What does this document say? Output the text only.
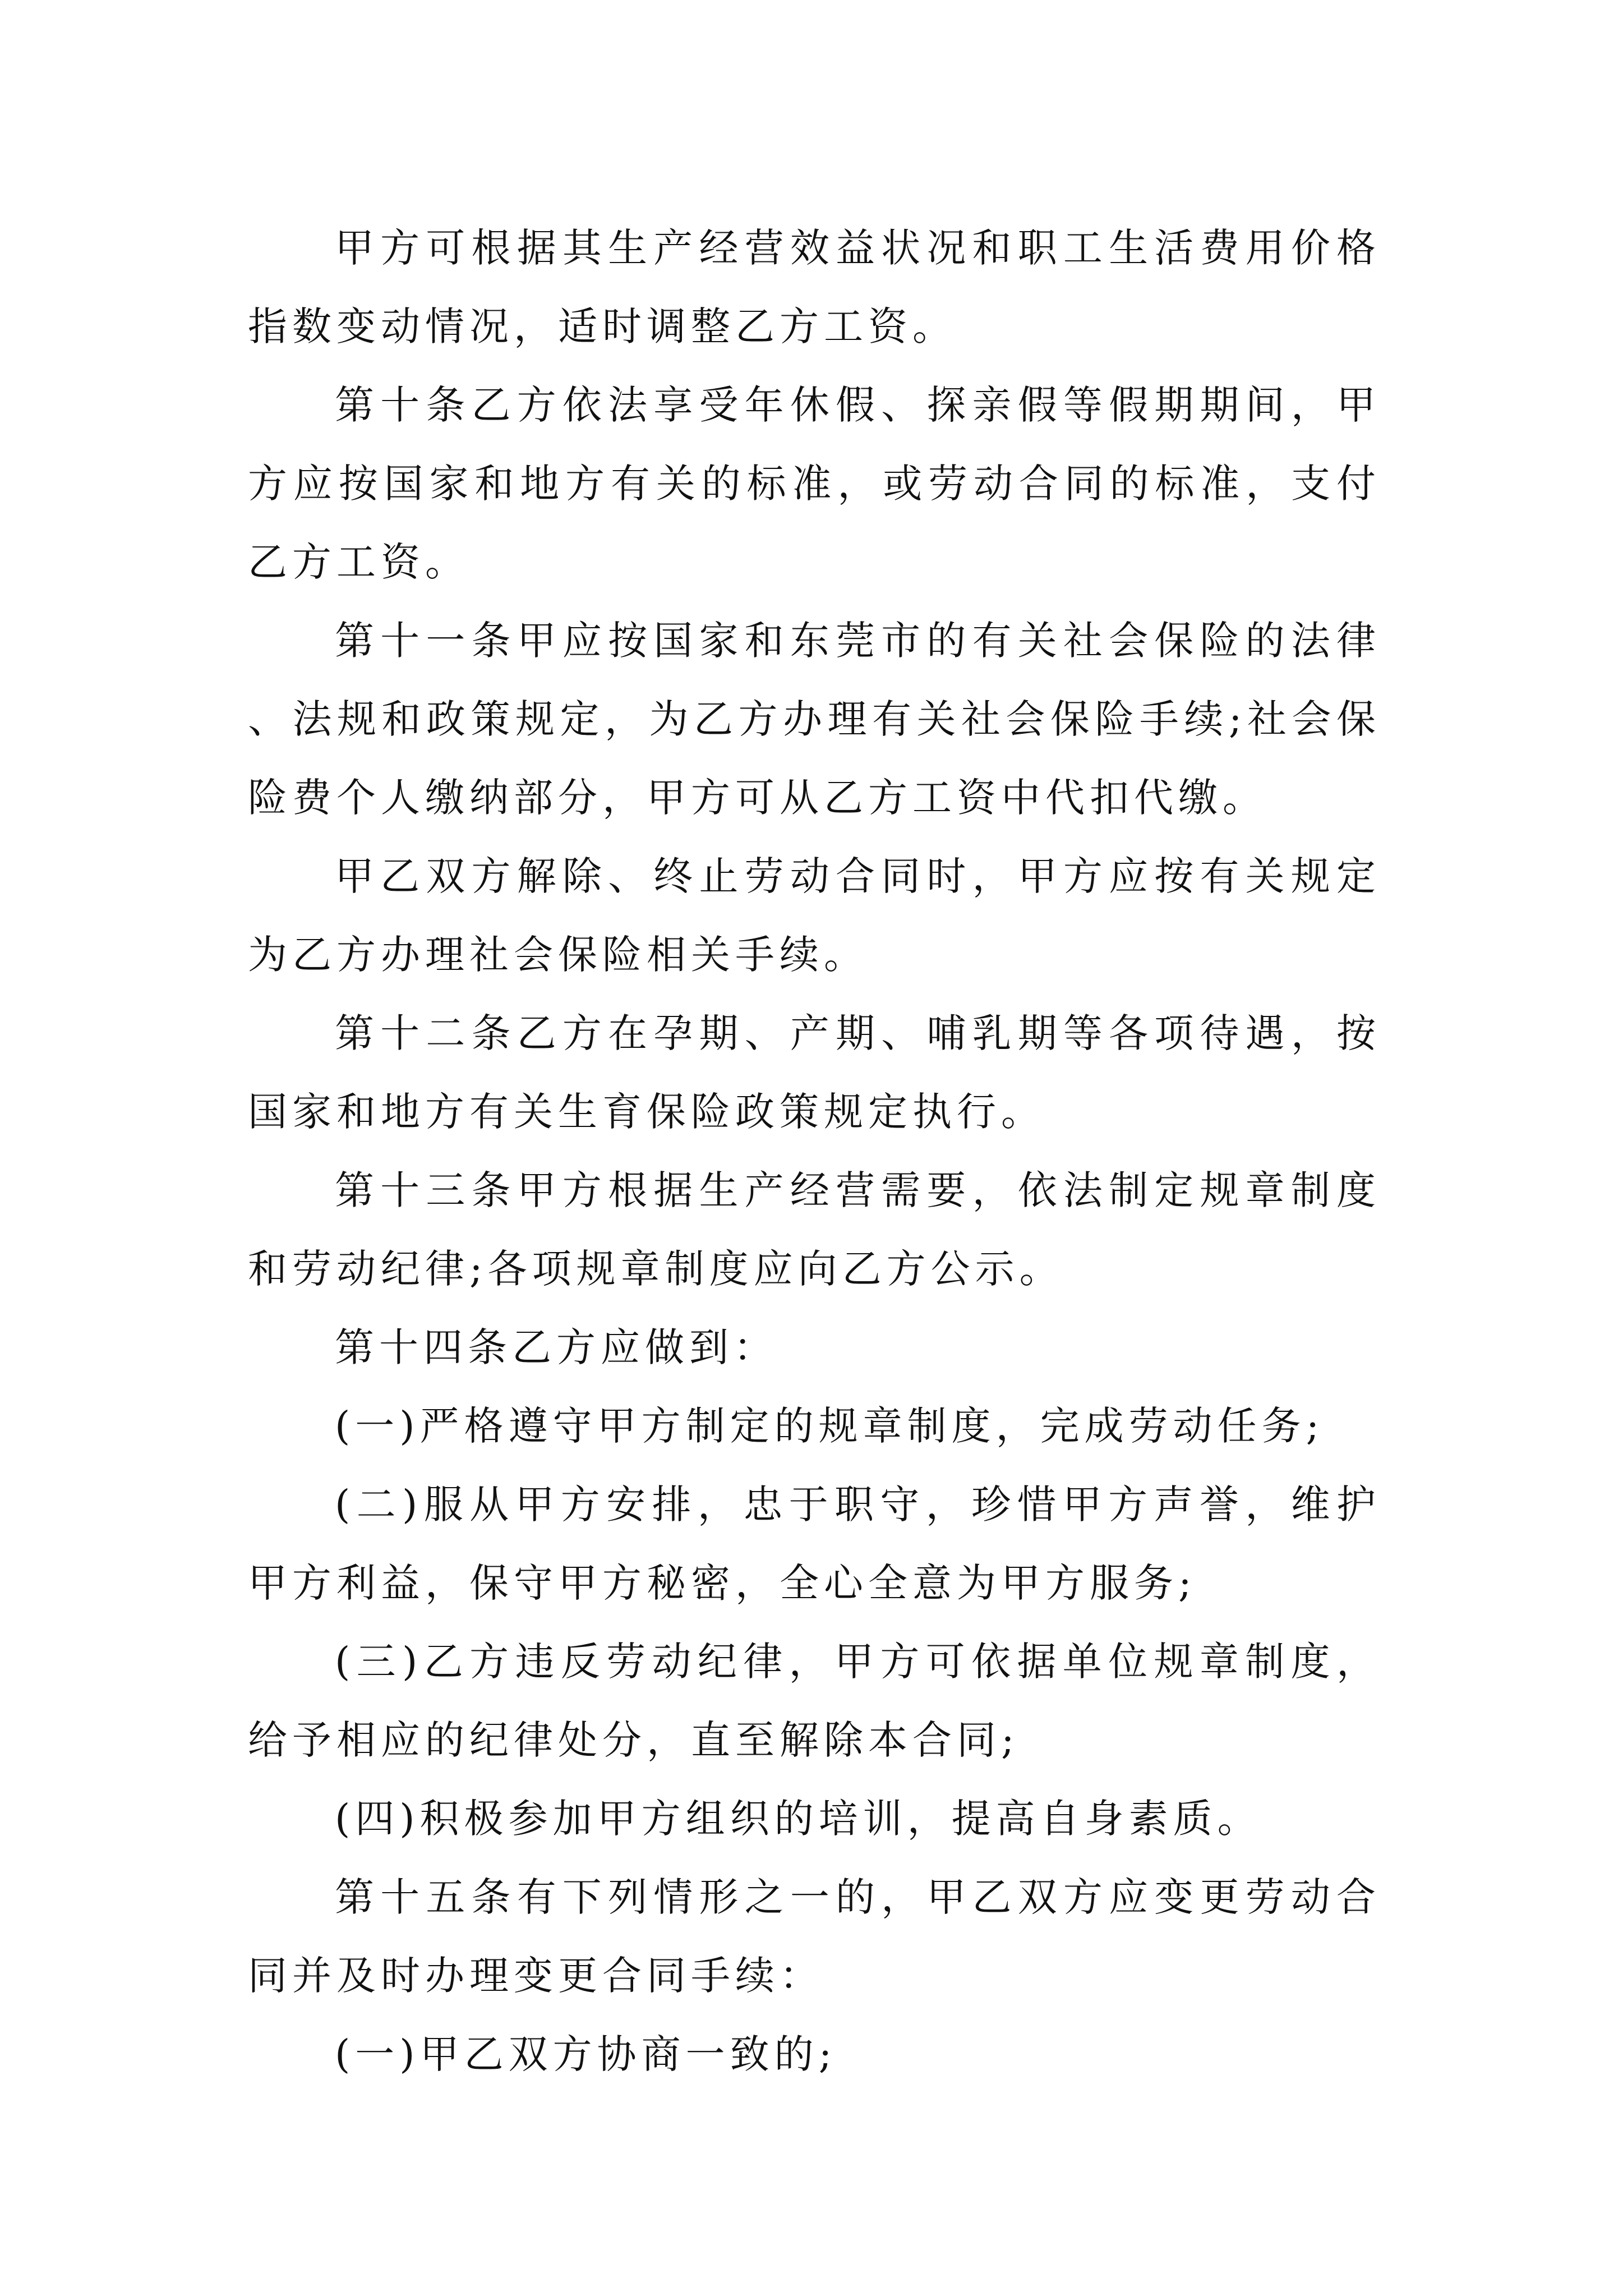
甲方可根据其生产经营效益状况和职工生活费用价格指数变动情况，适时调整乙方工资。

第十条乙方依法享受年休假、探亲假等假期期间，甲方应按国家和地方有关的标准，或劳动合同的标准，支付乙方工资。

第十一条甲应按国家和东莞市的有关社会保险的法律、法规和政策规定，为乙方办理有关社会保险手续;社会保险费个人缴纳部分，甲方可从乙方工资中代扣代缴。

甲乙双方解除、终止劳动合同时，甲方应按有关规定为乙方办理社会保险相关手续。

第十二条乙方在孕期、产期、哺乳期等各项待遇，按国家和地方有关生育保险政策规定执行。

第十三条甲方根据生产经营需要，依法制定规章制度和劳动纪律;各项规章制度应向乙方公示。

第十四条乙方应做到：

(一)严格遵守甲方制定的规章制度，完成劳动任务;

(二)服从甲方安排，忠于职守，珍惜甲方声誉，维护甲方利益，保守甲方秘密，全心全意为甲方服务;

(三)乙方违反劳动纪律，甲方可依据单位规章制度，给予相应的纪律处分，直至解除本合同;

(四)积极参加甲方组织的培训，提高自身素质。

第十五条有下列情形之一的，甲乙双方应变更劳动合同并及时办理变更合同手续：

(一)甲乙双方协商一致的;
